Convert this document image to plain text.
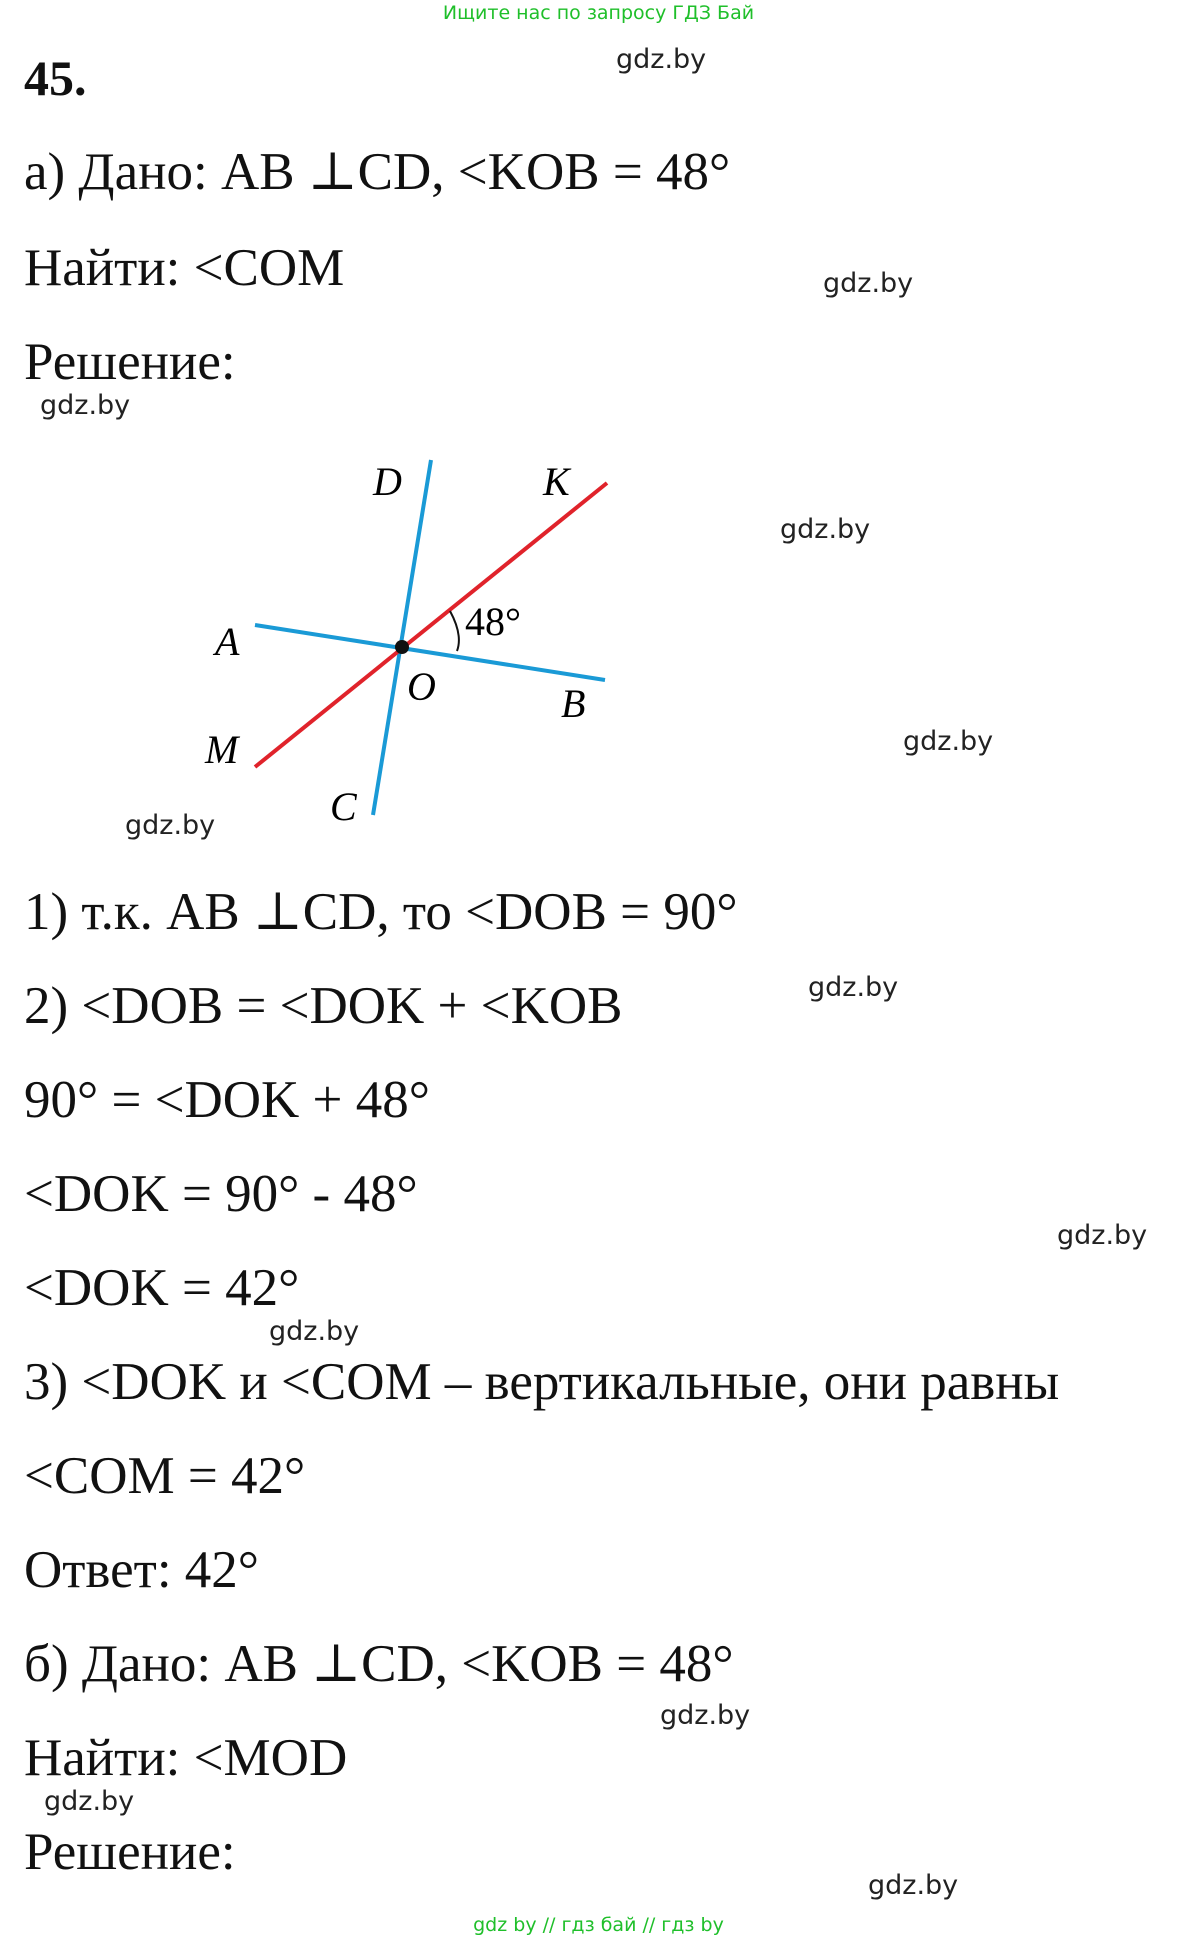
Ищите нас по запросу ГДЗ Бай
45.
а) Дано: AB ⊥CD, <KOB = 48°
Найти: <COM
Решение:
D	K
A
O	B
M
C
48°
1) т.к. AB ⊥CD, то <DOB = 90°
2) <DOB = <DOK + <KOB
90° = <DOK + 48°
<DOK = 90° - 48°
<DOK = 42°
3) <DOK и <COM – вертикальные, они равны
<COM = 42°
Ответ: 42°
б) Дано: AB ⊥CD, <KOB = 48°
Найти: <MOD
Решение:
gdz.by
gdz.by
gdz.by
gdz.by
gdz.by
gdz.by
gdz.by
gdz.by
gdz.by
gdz.by
gdz.by
gdz.by
gdz by // гдз бай // гдз by
